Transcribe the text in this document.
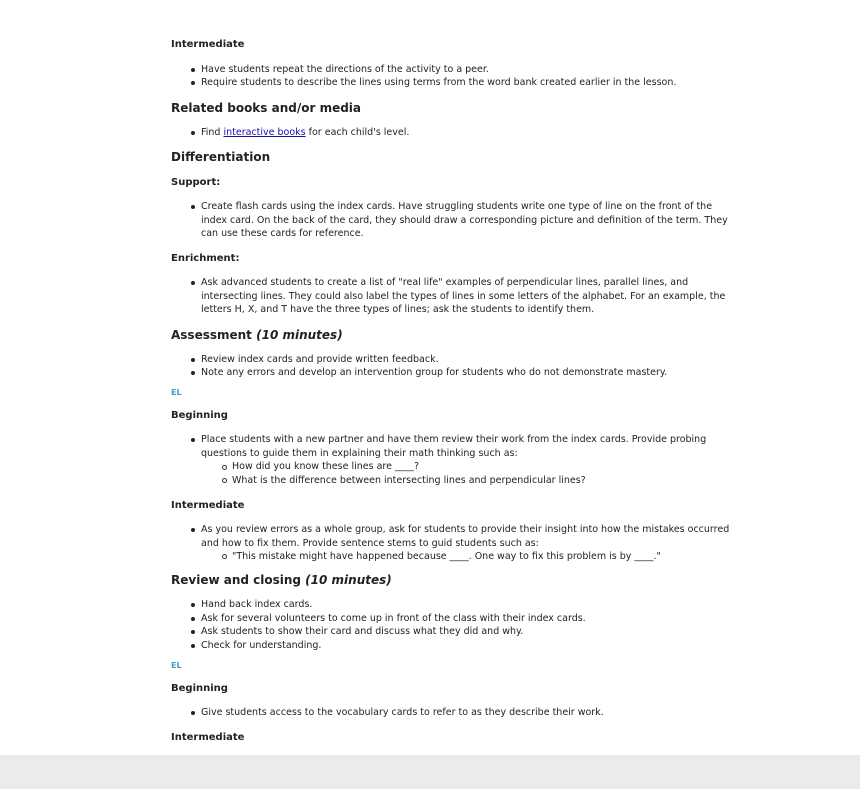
Intermediate

Have students repeat the directions of the activity to a peer.
Require students to describe the lines using terms from the word bank created earlier in the lesson.

Related books and/or media

Find interactive books for each child's level.

Differentiation

Support:

Create flash cards using the index cards. Have struggling students write one type of line on the front of the index card. On the back of the card, they should draw a corresponding picture and definition of the term. They can use these cards for reference.

Enrichment:

Ask advanced students to create a list of "real life" examples of perpendicular lines, parallel lines, and intersecting lines. They could also label the types of lines in some letters of the alphabet. For an example, the letters H, X, and T have the three types of lines; ask the students to identify them.

Assessment (10 minutes)

Review index cards and provide written feedback.
Note any errors and develop an intervention group for students who do not demonstrate mastery.

EL

Beginning

Place students with a new partner and have them review their work from the index cards. Provide probing questions to guide them in explaining their math thinking such as:
How did you know these lines are ____?
What is the difference between intersecting lines and perpendicular lines?

Intermediate

As you review errors as a whole group, ask for students to provide their insight into how the mistakes occurred and how to fix them. Provide sentence stems to guid students such as:
"This mistake might have happened because ____. One way to fix this problem is by ____."

Review and closing (10 minutes)

Hand back index cards.
Ask for several volunteers to come up in front of the class with their index cards.
Ask students to show their card and discuss what they did and why.
Check for understanding.

EL

Beginning

Give students access to the vocabulary cards to refer to as they describe their work.

Intermediate
